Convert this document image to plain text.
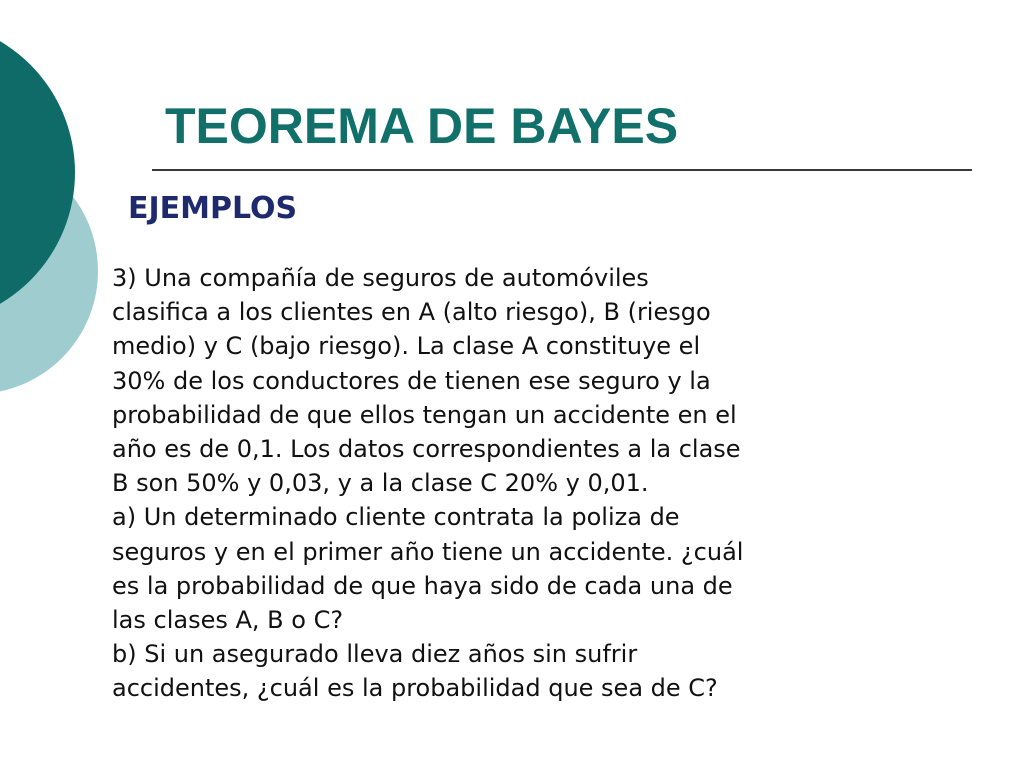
TEOREMA DE BAYES
EJEMPLOS
3) Una compañía de seguros de automóviles
clasifica a los clientes en A (alto riesgo), B (riesgo
medio) y C (bajo riesgo). La clase A constituye el
30% de los conductores de tienen ese seguro y la
probabilidad de que ellos tengan un accidente en el
año es de 0,1. Los datos correspondientes a la clase
B son 50% y 0,03, y a la clase C 20% y 0,01.
a) Un determinado cliente contrata la poliza de
seguros y en el primer año tiene un accidente. ¿cuál
es la probabilidad de que haya sido de cada una de
las clases A, B o C?
b) Si un asegurado lleva diez años sin sufrir
accidentes, ¿cuál es la probabilidad que sea de C?
